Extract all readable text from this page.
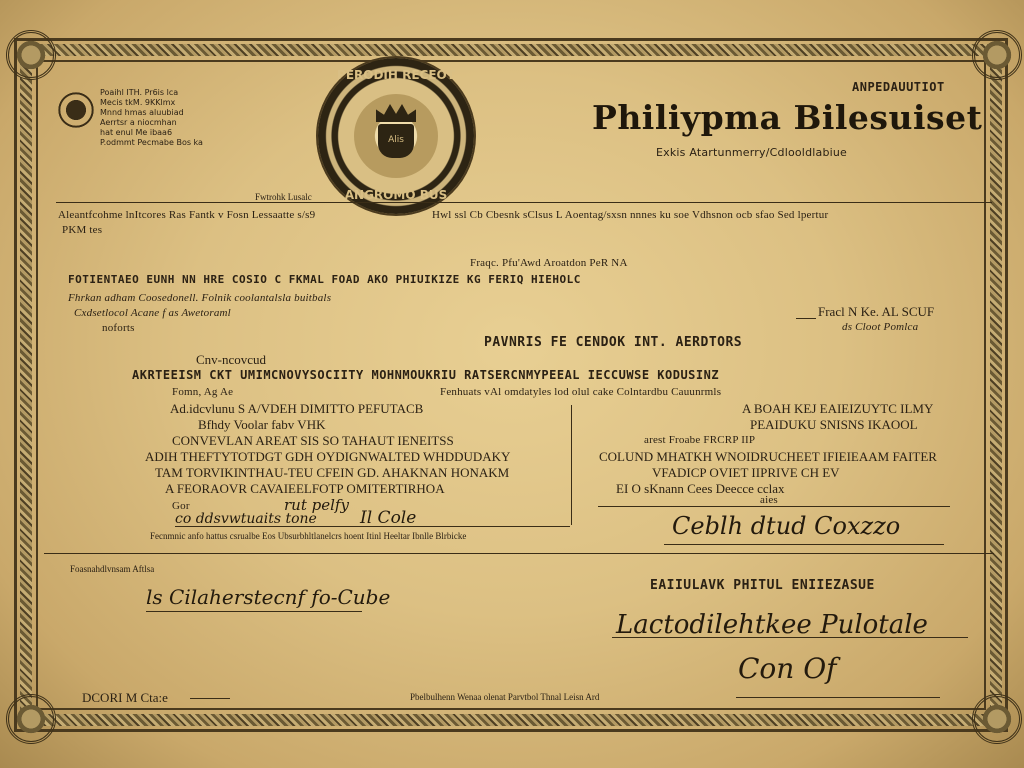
Poaihl ITH. Pr6is lca
Mecis tkM. 9KKlmx
Mnnd hmas aluubiad
Aerrtsr a niocmhan
hat enul Me ibaa6
P.odmmt Pecmabe Bos ka
PERODIH RECEOT
Alis
ANGROMO BUS
ANPEDAUUTIOT
Philiypma Bilesuiset
Exkis Atartunmerry/Cdlooldlabiue
Fwtrohk Lusalc
Aleantfcohme lnItcores Ras Fantk v Fosn Lessaatte s/s9
PKM tes
Hwl ssl Cb Cbesnk sClsus L Aoentag/sxsn nnnes ku soe Vdhsnon ocb sfao Sed lpertur
Fraqc. Pfu'Awd Aroatdon PeR NA
FOTIENTAEO EUNH NN HRE COSIO C FKMAL FOAD AKO PHIUIKIZE KG FERIQ HIEHOLC
Fhrkan adham Coosedonell. Folnik coolantalsla buitbals
Cxdsetlocol Acane f as Awetoraml
noforts
Fracl N Ke. AL SCUF
ds Cloot Pomlca
PAVNRIS FE CENDOK INT. AERDTORS
Cnv-ncovcud
AKRTEEISM CKT UMIMCNOVYSOCIITY MOHNMOUKRIU RATSERCNMYPEEAL IECCUWSE KODUSINZ
Fomn, Ag Ae	Fenhuats vAl omdatyles lod olul cake Colntardbu Cauunrmls
Ad.idcvlunu S A/VDEH DIMITTO PEFUTACB
Bfhdy Voolar fabv VHK
CONVEVLAN AREAT SIS SO TAHAUT IENEITSS
ADIH THEFTYTOTDGT GDH OYDIGNWALTED WHDDUDAKY
TAM TORVIKINTHAU-TEU CFEIN GD. AHAKNAN HONAKM
A FEORAOVR CAVAIEELFOTP OMITERTIRHOA
Gor	rut pelfy
co ddsvwtuaits tone	Il Cole
Fecnmnic anfo hattus csrualbe Eos Ubsurbhltlanelcrs hoent Itinl Heeltar Ibnlle Blrbicke
A BOAH KEJ EAIEIZUYTC ILMY
PEAIDUKU SNISNS IKAOOL
arest Froabe FRCRP IIP
COLUND MHATKH WNOIDRUCHEET IFIEIEAAM FAITER
VFADICP OVIET IIPRIVE CH EV
EI O sKnann Cees Deecce cclax
aies
Ceblh dtud Coxzzo
Foasnahdlvnsam Aftlsa
ls Cilaherstecnf fo-Cube	EAIIULAVK PHITUL ENIIEZASUE
Lactodilehtkee Pulotale
Con Of
DCORI M Cta:e	Pbelbulhenn Wenaa olenat Parvtbol Thnal Leisn Ard
